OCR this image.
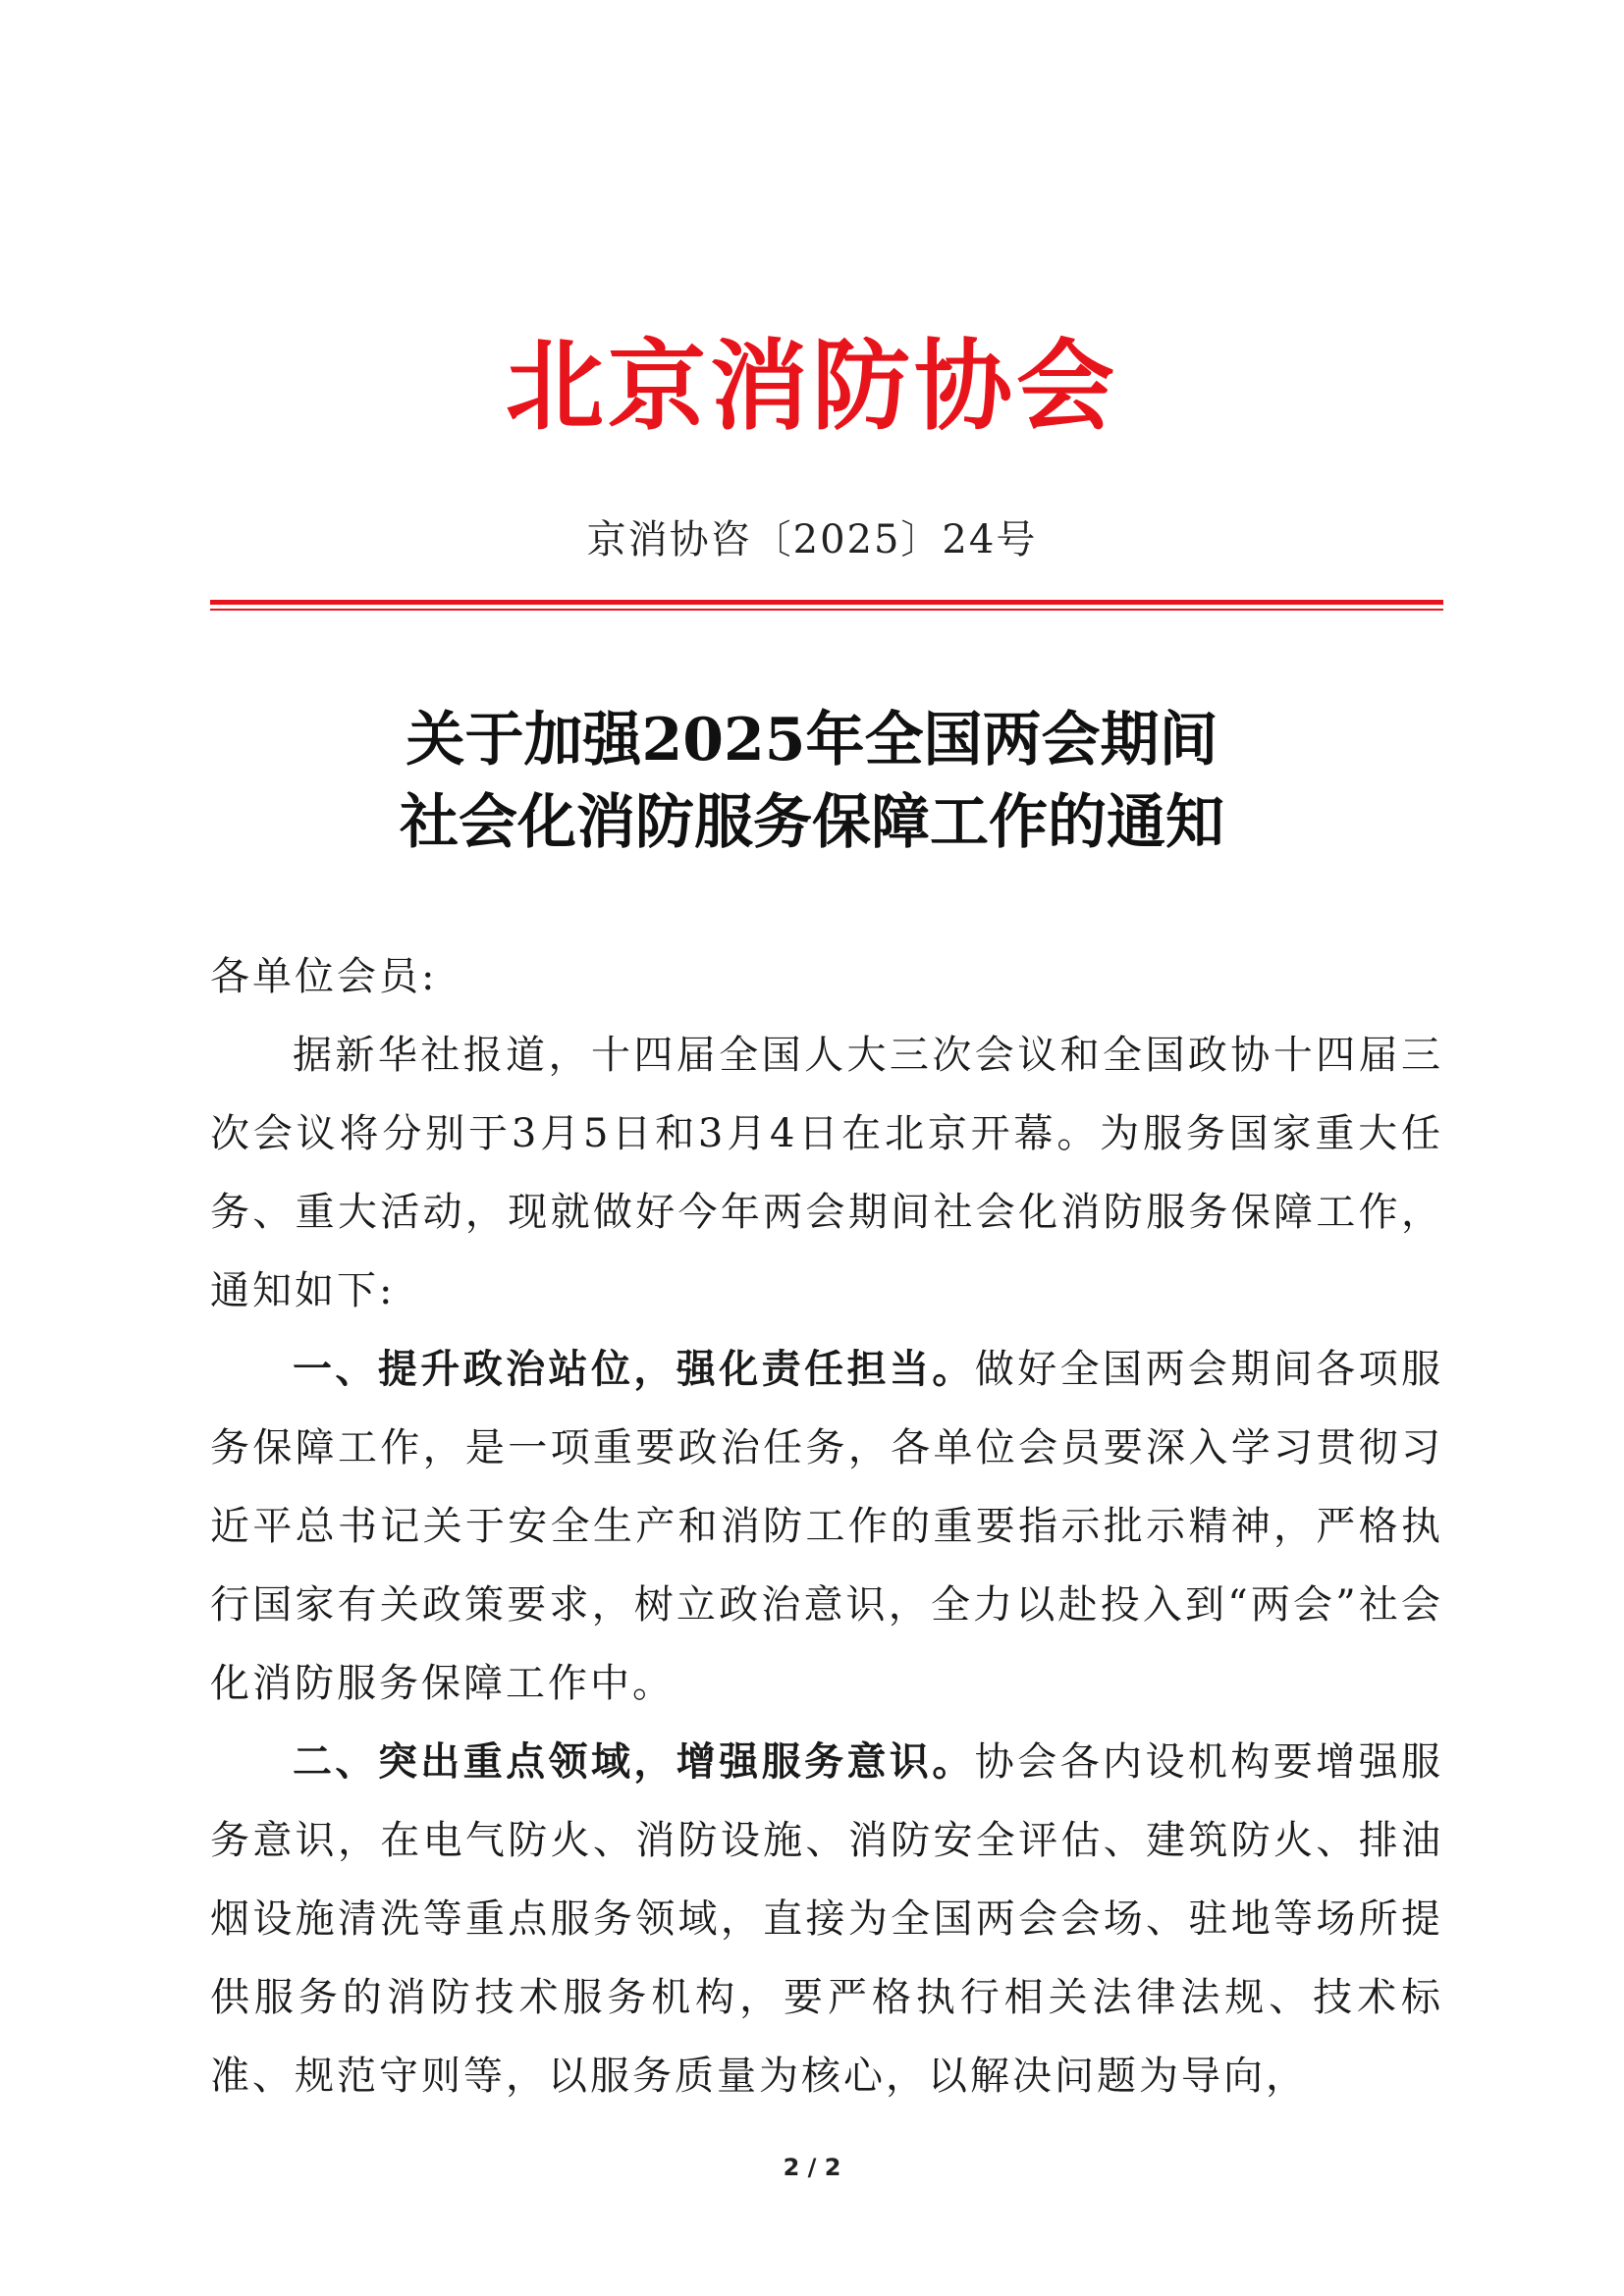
北京消防协会
京消协咨〔2025〕24号
关于加强2025年全国两会期间
社会化消防服务保障工作的通知

各单位会员:

据新华社报道，十四届全国人大三次会议和全国政协十四届三次会议将分别于3月5日和3月4日在北京开幕。为服务国家重大任务、重大活动，现就做好今年两会期间社会化消防服务保障工作，通知如下:

一、提升政治站位，强化责任担当。做好全国两会期间各项服务保障工作，是一项重要政治任务，各单位会员要深入学习贯彻习近平总书记关于安全生产和消防工作的重要指示批示精神，严格执行国家有关政策要求，树立政治意识，全力以赴投入到“两会”社会化消防服务保障工作中。

二、突出重点领域，增强服务意识。协会各内设机构要增强服务意识，在电气防火、消防设施、消防安全评估、建筑防火、排油烟设施清洗等重点服务领域，直接为全国两会会场、驻地等场所提供服务的消防技术服务机构，要严格执行相关法律法规、技术标准、规范守则等，以服务质量为核心，以解决问题为导向，

2 / 2
